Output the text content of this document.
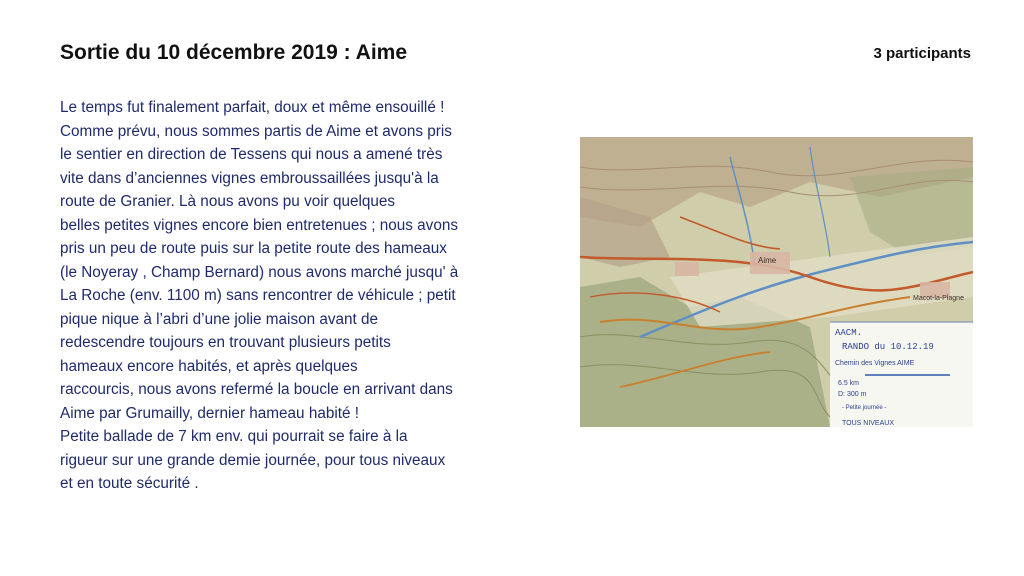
Sortie du 10 décembre 2019 : Aime	3 participants

Le temps fut finalement parfait, doux et même ensouillé !

Comme prévu, nous sommes partis de Aime et avons pris

le sentier en direction de Tessens qui nous a amené très

vite dans d’anciennes vignes embroussaillées jusqu'à la

route de Granier. Là nous avons pu voir quelques

belles petites vignes encore bien entretenues ; nous avons

pris un peu de route puis sur la petite route des hameaux

(le Noyeray , Champ Bernard) nous avons marché jusqu' à

La Roche (env. 1100 m) sans rencontrer de véhicule ; petit

pique nique à l’abri d’une jolie maison avant de

redescendre toujours en trouvant plusieurs petits

hameaux encore habités, et après quelques

raccourcis, nous avons refermé la boucle en arrivant dans

Aime par Grumailly, dernier hameau habité !

Petite ballade de 7 km env. qui pourrait se faire à la

rigueur sur une grande demie journée, pour tous niveaux

et en toute sécurité .

Aime
Macot-la-Plagne
AACM.
RANDO du 10.12.19
Chemin des Vignes AIME
6.5 km
D: 300 m
- Petite journée -
TOUS NIVEAUX
